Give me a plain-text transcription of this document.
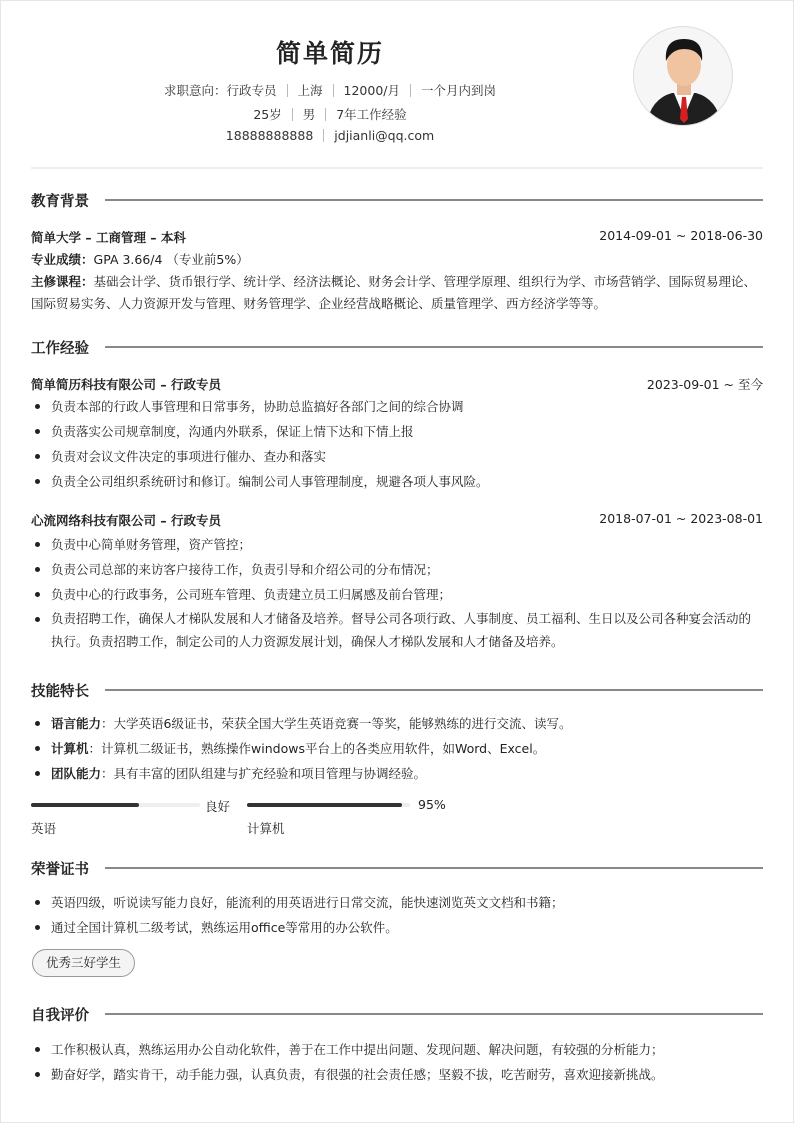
简单简历
求职意向：行政专员 上海 12000/月 一个月内到岗
25岁 男 7年工作经验
18888888888 jdjianli@qq.com
教育背景
简单大学 – 工商管理 – 本科	2014-09-01 ~ 2018-06-30
专业成绩：GPA 3.66/4 （专业前5%）
主修课程：基础会计学、货币银行学、统计学、经济法概论、财务会计学、管理学原理、组织行为学、市场营销学、国际贸易理论、国际贸易实务、人力资源开发与管理、财务管理学、企业经营战略概论、质量管理学、西方经济学等等。
工作经验
简单简历科技有限公司 – 行政专员	2023-09-01 ~ 至今
负责本部的行政人事管理和日常事务，协助总监搞好各部门之间的综合协调
负责落实公司规章制度，沟通内外联系，保证上情下达和下情上报
负责对会议文件决定的事项进行催办、查办和落实
负责全公司组织系统研讨和修订。编制公司人事管理制度，规避各项人事风险。
心流网络科技有限公司 – 行政专员	2018-07-01 ~ 2023-08-01
负责中心简单财务管理，资产管控；
负责公司总部的来访客户接待工作，负责引导和介绍公司的分布情况；
负责中心的行政事务，公司班车管理、负责建立员工归属感及前台管理；
负责招聘工作，确保人才梯队发展和人才储备及培养。督导公司各项行政、人事制度、员工福利、生日以及公司各种宴会活动的执行。负责招聘工作，制定公司的人力资源发展计划，确保人才梯队发展和人才储备及培养。
技能特长
语言能力：大学英语6级证书，荣获全国大学生英语竞赛一等奖，能够熟练的进行交流、读写。
计算机：计算机二级证书，熟练操作windows平台上的各类应用软件，如Word、Excel。
团队能力：具有丰富的团队组建与扩充经验和项目管理与协调经验。
良好
英语
95%
计算机
荣誉证书
英语四级，听说读写能力良好，能流利的用英语进行日常交流，能快速浏览英文文档和书籍；
通过全国计算机二级考试，熟练运用office等常用的办公软件。
优秀三好学生
自我评价
工作积极认真，熟练运用办公自动化软件，善于在工作中提出问题、发现问题、解决问题，有较强的分析能力；
勤奋好学，踏实肯干，动手能力强，认真负责，有很强的社会责任感；坚毅不拔，吃苦耐劳，喜欢迎接新挑战。
